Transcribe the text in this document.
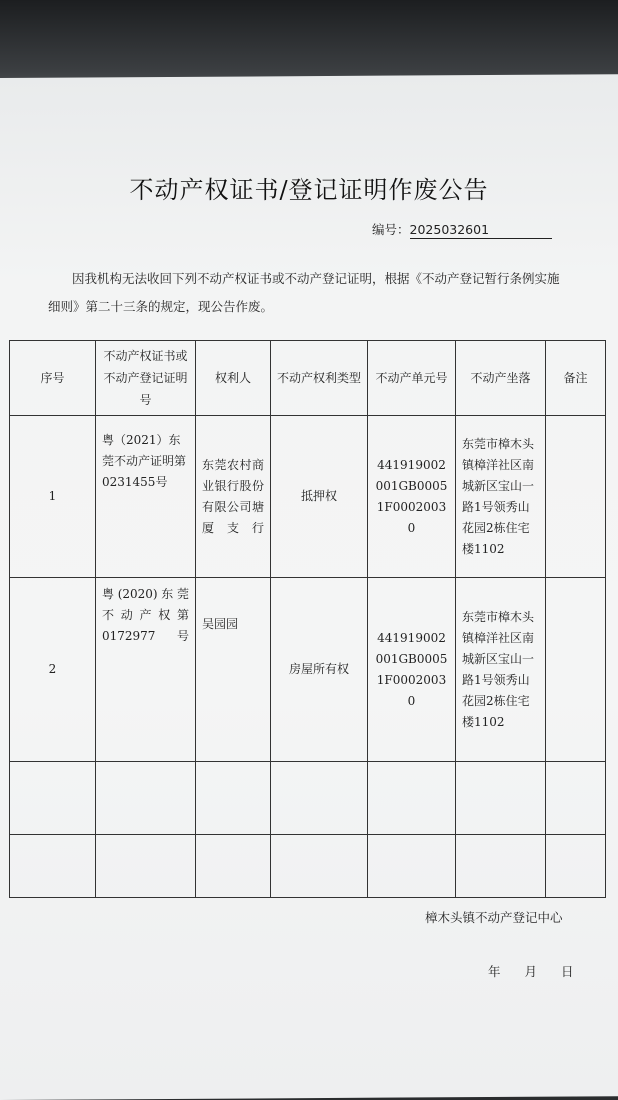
不动产权证书/登记证明作废公告
编号：2025032601
因我机构无法收回下列不动产权证书或不动产登记证明，根据《不动产登记暂行条例实施细则》第二十三条的规定，现公告作废。
序号	不动产权证书或不动产登记证明号	权利人	不动产权利类型	不动产单元号	不动产坐落	备注
1	粤（2021）东莞不动产证明第0231455号	东莞农村商业银行股份有限公司塘厦支行	抵押权	441919002001GB00051F00020030	东莞市樟木头镇樟洋社区南城新区宝山一路1号领秀山花园2栋住宅楼1102	
2	粤(2020)东莞不动产权第0172977号	吴园园	房屋所有权	441919002001GB00051F00020030	东莞市樟木头镇樟洋社区南城新区宝山一路1号领秀山花园2栋住宅楼1102	

樟木头镇不动产登记中心
年 月 日
